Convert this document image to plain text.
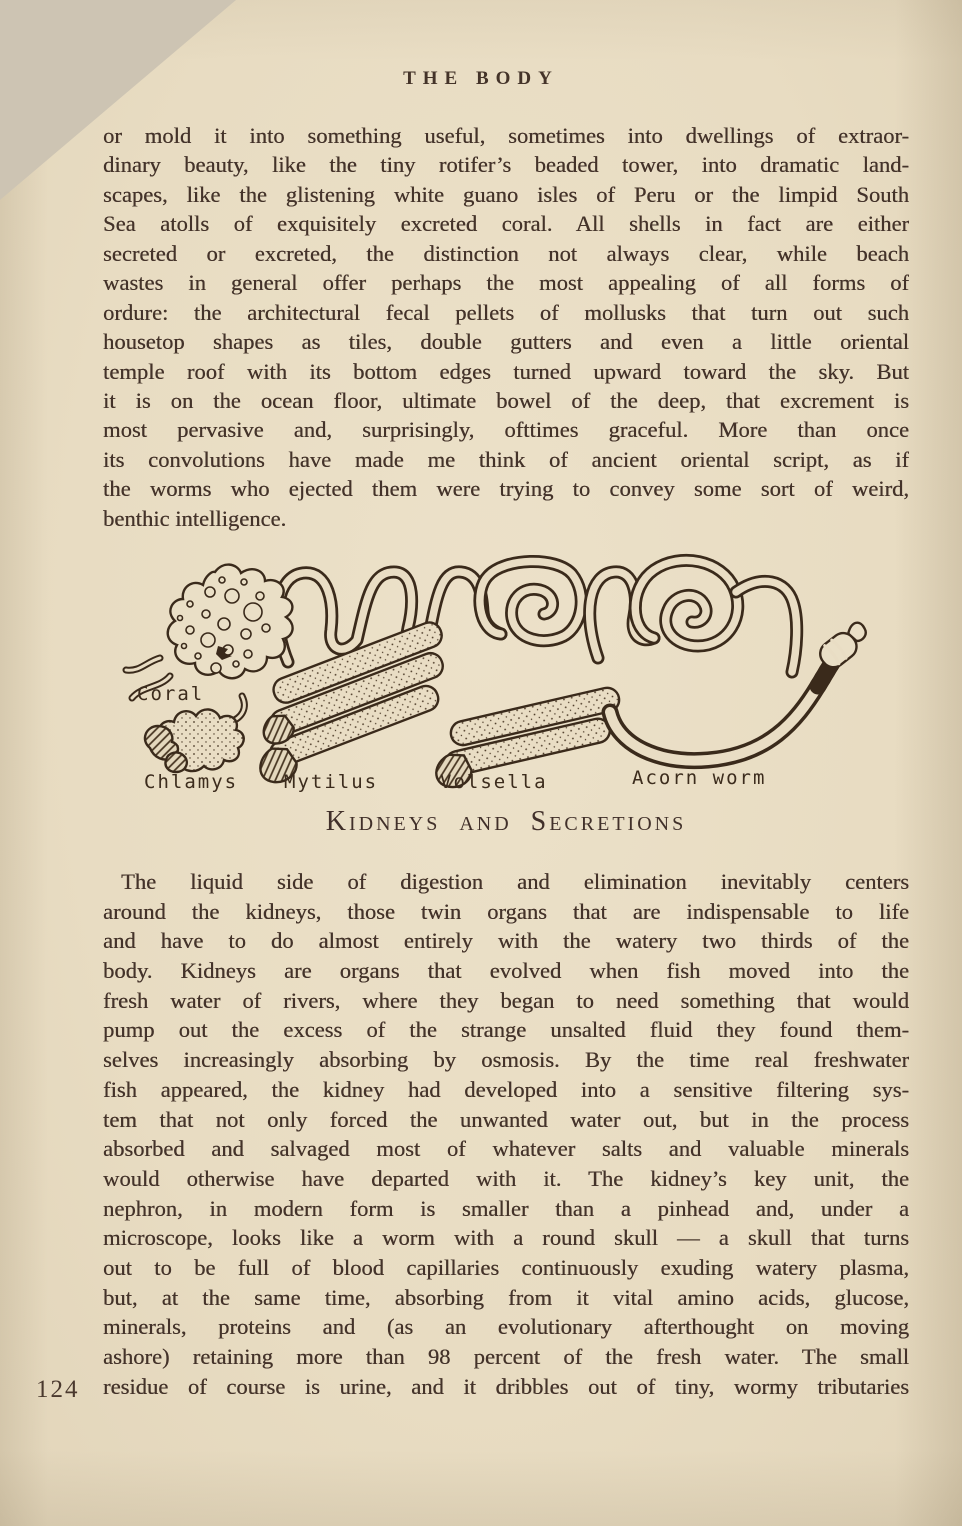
THE BODY
or mold it into something useful, sometimes into dwellings of extraor-
dinary beauty, like the tiny rotifer’s beaded tower, into dramatic land-
scapes, like the glistening white guano isles of Peru or the limpid South
Sea atolls of exquisitely excreted coral. All shells in fact are either
secreted or excreted, the distinction not always clear, while beach
wastes in general offer perhaps the most appealing of all forms of
ordure: the architectural fecal pellets of mollusks that turn out such
housetop shapes as tiles, double gutters and even a little oriental
temple roof with its bottom edges turned upward toward the sky. But
it is on the ocean floor, ultimate bowel of the deep, that excrement is
most pervasive and, surprisingly, ofttimes graceful. More than once
its convolutions have made me think of ancient oriental script, as if
the worms who ejected them were trying to convey some sort of weird,
benthic intelligence.
Coral
Chlamys Mytilus	Volsella	Acorn worm
Kidneys and Secretions
The liquid side of digestion and elimination inevitably centers
around the kidneys, those twin organs that are indispensable to life
and have to do almost entirely with the watery two thirds of the
body. Kidneys are organs that evolved when fish moved into the
fresh water of rivers, where they began to need something that would
pump out the excess of the strange unsalted fluid they found them-
selves increasingly absorbing by osmosis. By the time real freshwater
fish appeared, the kidney had developed into a sensitive filtering sys-
tem that not only forced the unwanted water out, but in the process
absorbed and salvaged most of whatever salts and valuable minerals
would otherwise have departed with it. The kidney’s key unit, the
nephron, in modern form is smaller than a pinhead and, under a
microscope, looks like a worm with a round skull — a skull that turns
out to be full of blood capillaries continuously exuding watery plasma,
but, at the same time, absorbing from it vital amino acids, glucose,
minerals, proteins and (as an evolutionary afterthought on moving
ashore) retaining more than 98 percent of the fresh water. The small
residue of course is urine, and it dribbles out of tiny, wormy tributaries
124
